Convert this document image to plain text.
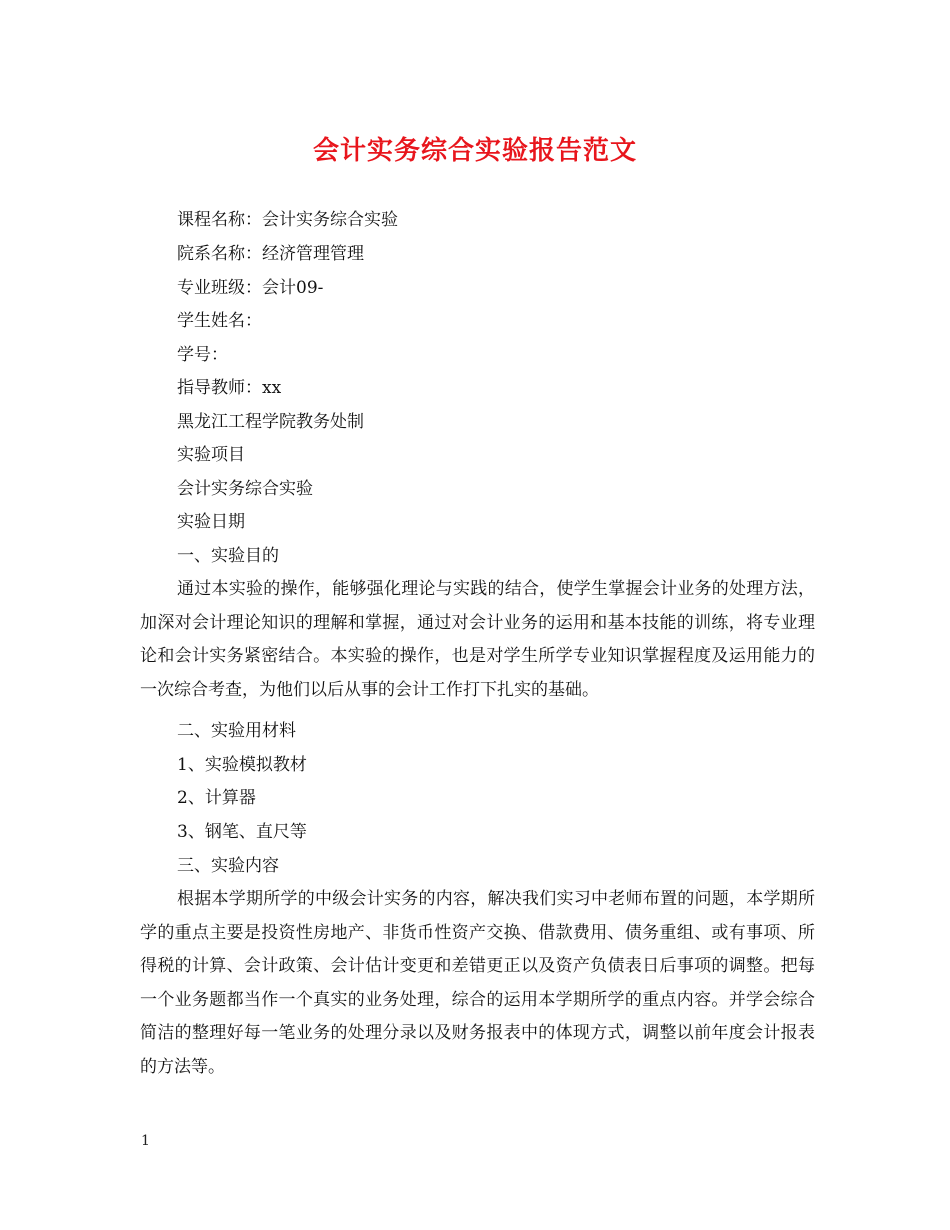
会计实务综合实验报告范文

课程名称：会计实务综合实验

院系名称：经济管理管理

专业班级：会计09-

学生姓名：

学号：

指导教师：xx

黑龙江工程学院教务处制

实验项目

会计实务综合实验

实验日期

一、实验目的

通过本实验的操作，能够强化理论与实践的结合，使学生掌握会计业务的处理方法，加深对会计理论知识的理解和掌握，通过对会计业务的运用和基本技能的训练，将专业理论和会计实务紧密结合。本实验的操作，也是对学生所学专业知识掌握程度及运用能力的一次综合考查，为他们以后从事的会计工作打下扎实的基础。

二、实验用材料

1、实验模拟教材

2、计算器

3、钢笔、直尺等

三、实验内容

根据本学期所学的中级会计实务的内容，解决我们实习中老师布置的问题，本学期所学的重点主要是投资性房地产、非货币性资产交换、借款费用、债务重组、或有事项、所得税的计算、会计政策、会计估计变更和差错更正以及资产负债表日后事项的调整。把每一个业务题都当作一个真实的业务处理，综合的运用本学期所学的重点内容。并学会综合简洁的整理好每一笔业务的处理分录以及财务报表中的体现方式，调整以前年度会计报表的方法等。

1
